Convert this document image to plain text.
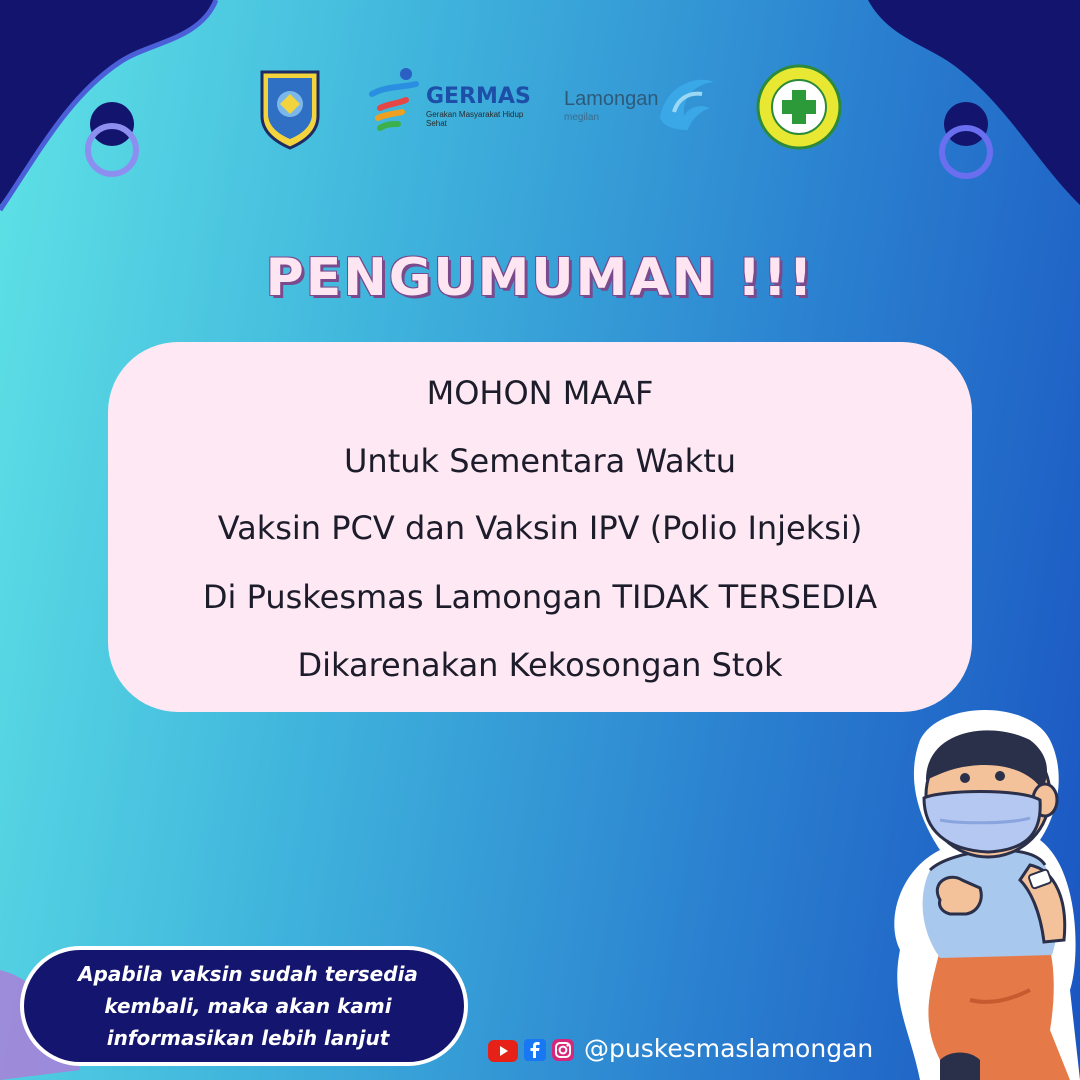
GERMAS
Gerakan Masyarakat Hidup Sehat
Lamongan
megilan
PENGUMUMAN !!!
MOHON MAAF
Untuk Sementara Waktu
Vaksin PCV dan Vaksin IPV (Polio Injeksi)
Di Puskesmas Lamongan TIDAK TERSEDIA
Dikarenakan Kekosongan Stok
Apabila vaksin sudah tersedia
kembali, maka akan kami
informasikan lebih lanjut	@puskesmaslamongan
